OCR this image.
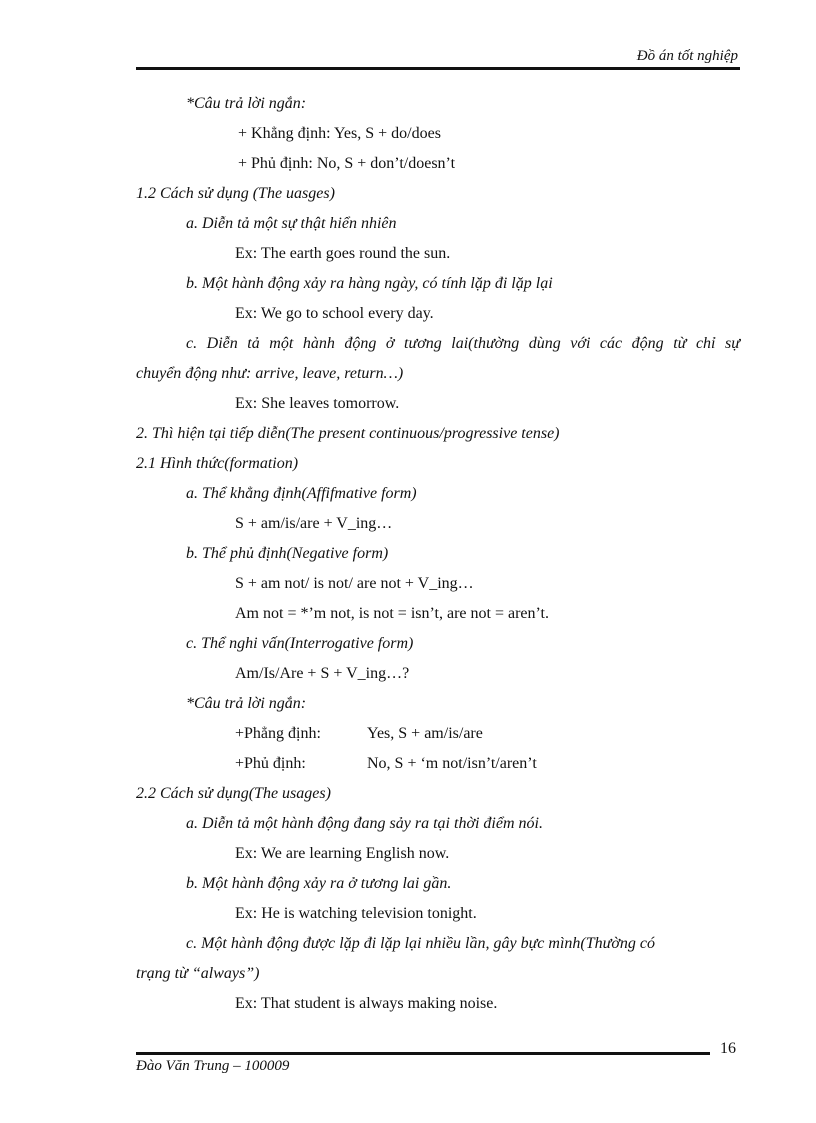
Đồ án tốt nghiệp
*Câu trả lời ngắn:
+ Khẳng định: Yes, S + do/does
+ Phủ định: No, S + don’t/doesn’t
1.2 Cách sử dụng (The uasges)
a. Diễn tả một sự thật hiển nhiên
Ex: The earth goes round the sun.
b. Một hành động xảy ra hàng ngày, có tính lặp đi lặp lại
Ex: We go to school every day.
c. Diễn tả một hành động ở tương lai(thường dùng với các động từ chỉ sự
chuyển động như: arrive, leave, return…)
Ex: She leaves tomorrow.
2. Thì hiện tại tiếp diễn(The present continuous/progressive tense)
2.1 Hình thức(formation)
a. Thể khẳng định(Affifmative form)
S + am/is/are + V_ing…
b. Thể phủ định(Negative form)
S + am not/ is not/ are not + V_ing…
Am not = *’m not, is not = isn’t, are not = aren’t.
c. Thể nghi vấn(Interrogative form)
Am/Is/Are + S + V_ing…?
*Câu trả lời ngắn:
+Phẳng định:	Yes, S + am/is/are
+Phủ định:	No, S + ‘m not/isn’t/aren’t
2.2 Cách sử dụng(The usages)
a. Diễn tả một hành động đang sảy ra tại thời điểm nói.
Ex: We are learning English now.
b. Một hành động xảy ra ở tương lai gần.
Ex: He is watching television tonight.
c. Một hành động được lặp đi lặp lại nhiều lần, gây bực mình(Thường có
trạng từ “always”)
Ex: That student is always making noise.
16
Đào Văn Trung – 100009
